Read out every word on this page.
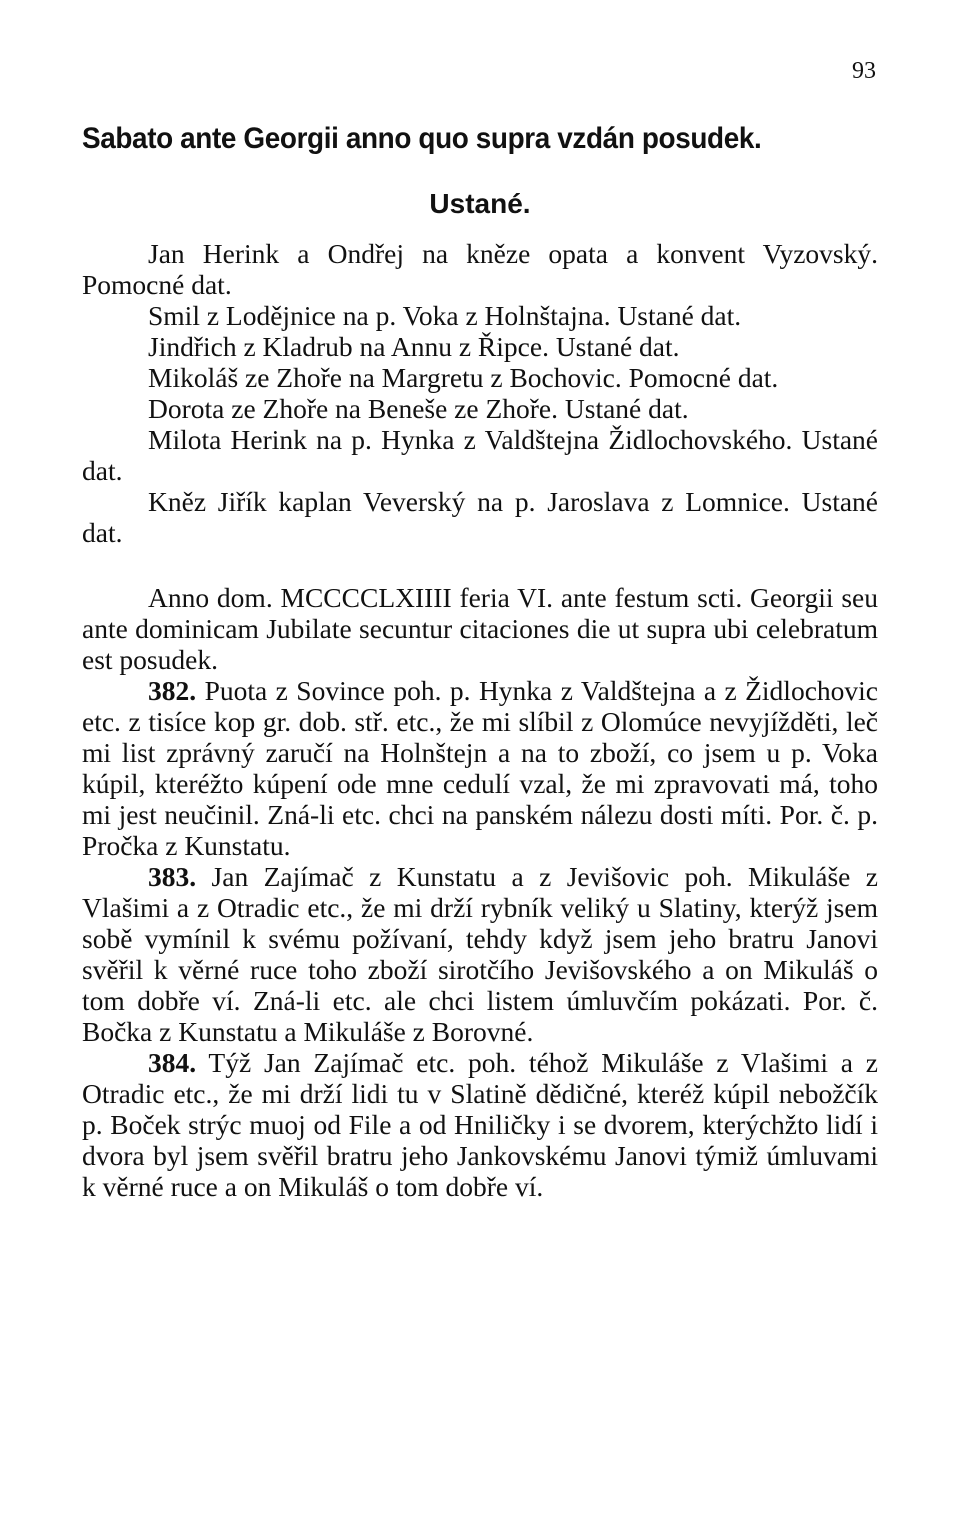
93
Sabato ante Georgii anno quo supra vzdán posudek.
Ustané.

Jan Herink a Ondřej na kněze opata a konvent Vyzovský. Pomocné dat.

Smil z Lodějnice na p. Voka z Holnštajna. Ustané dat.

Jindřich z Kladrub na Annu z Řipce. Ustané dat.

Mikoláš ze Zhoře na Margretu z Bochovic. Pomocné dat.

Dorota ze Zhoře na Beneše ze Zhoře. Ustané dat.

Milota Herink na p. Hynka z Valdštejna Židlochovského. Ustané dat.

Kněz Jiřík kaplan Veverský na p. Jaroslava z Lomnice. Ustané dat.

Anno dom. MCCCCLXIIII feria VI. ante festum scti. Georgii seu ante dominicam Jubilate secuntur citaciones die ut supra ubi celebratum est posudek.

382. Puota z Sovince poh. p. Hynka z Valdštejna a z Židlochovic etc. z tisíce kop gr. dob. stř. etc., že mi slíbil z Olomúce nevyjížděti, leč mi list zprávný zaručí na Holnštejn a na to zboží, co jsem u p. Voka kúpil, kteréžto kúpení ode mne cedulí vzal, že mi zpravovati má, toho mi jest neučinil. Zná-li etc. chci na panském nálezu dosti míti. Por. č. p. Pročka z Kunstatu.

383. Jan Zajímač z Kunstatu a z Jevišovic poh. Mikuláše z Vlašimi a z Otradic etc., že mi drží rybník veliký u Slatiny, kterýž jsem sobě vymínil k svému požívaní, tehdy když jsem jeho bratru Janovi svěřil k věrné ruce toho zboží sirotčího Jevišovského a on Mikuláš o tom dobře ví. Zná-li etc. ale chci listem úmluvčím pokázati. Por. č. Bočka z Kunstatu a Mikuláše z Borovné.

384. Týž Jan Zajímač etc. poh. téhož Mikuláše z Vlašimi a z Otradic etc., že mi drží lidi tu v Slatině dědičné, kteréž kúpil nebožčík p. Boček strýc muoj od File a od Hniličky i se dvorem, kterýchžto lidí i dvora byl jsem svěřil bratru jeho Jankovskému Janovi týmiž úmluvami k věrné ruce a on Mikuláš o tom dobře ví.
